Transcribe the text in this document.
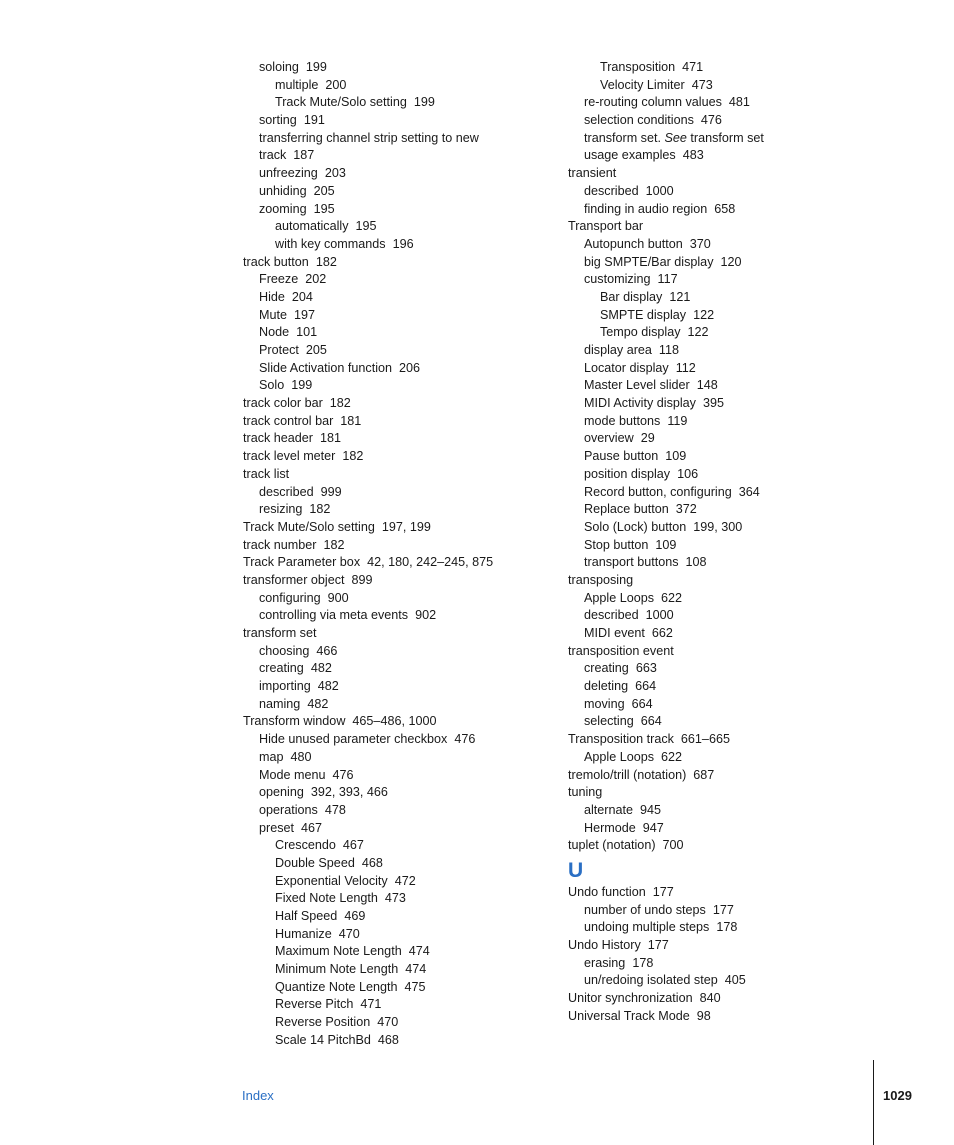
soloing 199
multiple 200
Track Mute/Solo setting 199
sorting 191
transferring channel strip setting to new
track 187
unfreezing 203
unhiding 205
zooming 195
automatically 195
with key commands 196
track button 182
Freeze 202
Hide 204
Mute 197
Node 101
Protect 205
Slide Activation function 206
Solo 199
track color bar 182
track control bar 181
track header 181
track level meter 182
track list
described 999
resizing 182
Track Mute/Solo setting 197, 199
track number 182
Track Parameter box 42, 180, 242–245, 875
transformer object 899
configuring 900
controlling via meta events 902
transform set
choosing 466
creating 482
importing 482
naming 482
Transform window 465–486, 1000
Hide unused parameter checkbox 476
map 480
Mode menu 476
opening 392, 393, 466
operations 478
preset 467
Crescendo 467
Double Speed 468
Exponential Velocity 472
Fixed Note Length 473
Half Speed 469
Humanize 470
Maximum Note Length 474
Minimum Note Length 474
Quantize Note Length 475
Reverse Pitch 471
Reverse Position 470
Scale 14 PitchBd 468
Transposition 471
Velocity Limiter 473
re-routing column values 481
selection conditions 476
transform set. See transform set
usage examples 483
transient
described 1000
finding in audio region 658
Transport bar
Autopunch button 370
big SMPTE/Bar display 120
customizing 117
Bar display 121
SMPTE display 122
Tempo display 122
display area 118
Locator display 112
Master Level slider 148
MIDI Activity display 395
mode buttons 119
overview 29
Pause button 109
position display 106
Record button, configuring 364
Replace button 372
Solo (Lock) button 199, 300
Stop button 109
transport buttons 108
transposing
Apple Loops 622
described 1000
MIDI event 662
transposition event
creating 663
deleting 664
moving 664
selecting 664
Transposition track 661–665
Apple Loops 622
tremolo/trill (notation) 687
tuning
alternate 945
Hermode 947
tuplet (notation) 700
U
Undo function 177
number of undo steps 177
undoing multiple steps 178
Undo History 177
erasing 178
un/redoing isolated step 405
Unitor synchronization 840
Universal Track Mode 98
Index	1029
